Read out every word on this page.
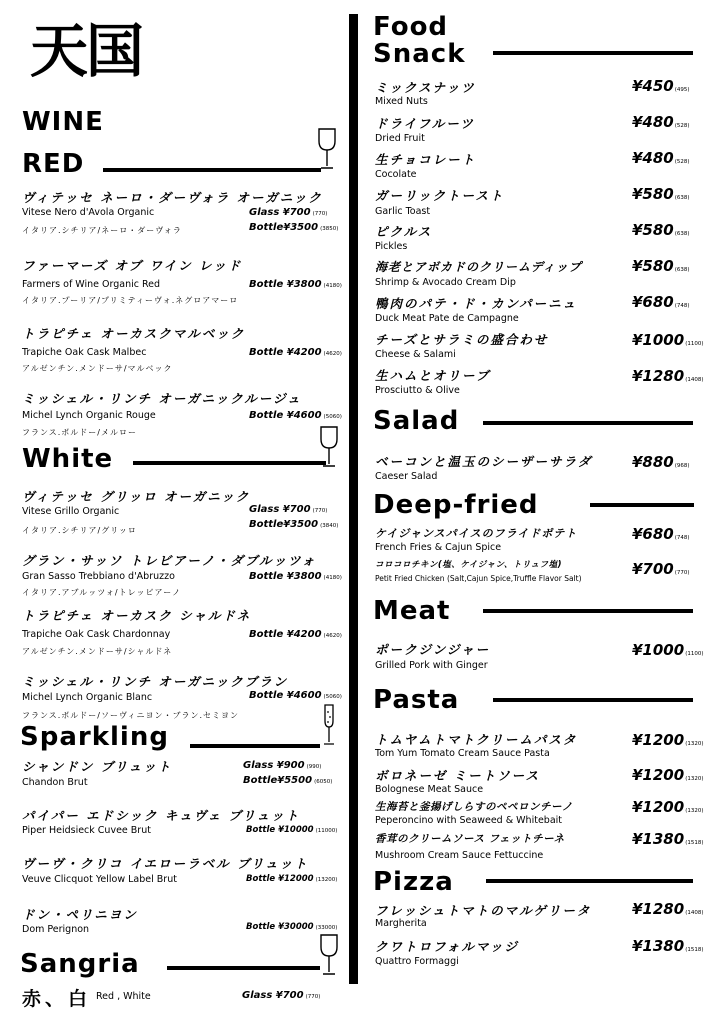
天国
WINE
RED
ヴィテッセ ネーロ・ダーヴォラ オーガニック
Vitese Nero d'Avola Organic
イタリア.シチリア/ネーロ・ダーヴォラ
Glass ¥700 (770)
Bottle¥3500 (3850)
ファーマーズ オブ ワイン レッド
Farmers of Wine Organic Red
イタリア.プーリア/プリミティーヴォ.ネグロアマーロ
Bottle ¥3800 (4180)
トラピチェ オーカスクマルベック
Trapiche Oak Cask Malbec
アルゼンチン.メンドーサ/マルベック
Bottle ¥4200 (4620)
ミッシェル・リンチ オーガニックルージュ
Michel Lynch Organic Rouge
フランス.ボルドー/メルロー
Bottle ¥4600 (5060)
White
ヴィテッセ グリッロ オーガニック
Vitese Grillo Organic
イタリア.シチリア/グリッロ
Glass ¥700 (770)
Bottle¥3500 (3840)
グラン・サッソ トレビアーノ・ダブルッツォ
Gran Sasso Trebbiano d'Abruzzo
イタリア.アブルッツォ/トレッビアーノ
Bottle ¥3800 (4180)
トラピチェ オーカスク シャルドネ
Trapiche Oak Cask Chardonnay
アルゼンチン.メンドーサ/シャルドネ
Bottle ¥4200 (4620)
ミッシェル・リンチ オーガニックブラン
Michel Lynch Organic Blanc
フランス.ボルドー/ソーヴィニヨン・ブラン.セミヨン
Bottle ¥4600 (5060)
Sparkling
シャンドン ブリュット
Chandon Brut
Glass ¥900 (990)
Bottle¥5500 (6050)
パイパー エドシック キュヴェ ブリュット
Piper Heidsieck Cuvee Brut	Bottle ¥10000 (11000)
ヴーヴ・クリコ イエローラベル ブリュット
Veuve Clicquot Yellow Label Brut	Bottle ¥12000 (13200)
ドン・ペリニヨン
Dom Perignon	Bottle ¥30000 (33000)
Sangria
赤、白 Red , White	Glass ¥700 (770)
Food
Snack
ミックスナッツ
Mixed Nuts
¥450(495)
ドライフルーツ
Dried Fruit
¥480(528)
生チョコレート
Cocolate
¥480(528)
ガーリックトースト
Garlic Toast
¥580(638)
ピクルス
Pickles
¥580(638)
海老とアボカドのクリームディップ
Shrimp & Avocado Cream Dip
¥580(638)
鴨肉のパテ・ド・カンパーニュ
Duck Meat Pate de Campagne
¥680(748)
チーズとサラミの盛合わせ
Cheese & Salami
¥1000(1100)
生ハムとオリーブ
Prosciutto & Olive
¥1280(1408)
Salad
ベーコンと温玉のシーザーサラダ
Caeser Salad
¥880(968)
Deep-fried
ケイジャンスパイスのフライドポテト
French Fries & Cajun Spice
¥680(748)
コロコロチキン(塩、ケイジャン、トリュフ塩)
Petit Fried Chicken (Salt,Cajun Spice,Truffle Flavor Salt)
¥700(770)
Meat
ポークジンジャー
Grilled Pork with Ginger
¥1000(1100)
Pasta
トムヤムトマトクリームパスタ
Tom Yum Tomato Cream Sauce Pasta
¥1200(1320)
ボロネーゼ ミートソース
Bolognese Meat Sauce
¥1200(1320)
生海苔と釜揚げしらすのペペロンチーノ
Peperoncino with Seaweed & Whitebait
¥1200(1320)
香茸のクリームソース フェットチーネ
Mushroom Cream Sauce Fettuccine
¥1380(1518)
Pizza
フレッシュトマトのマルゲリータ
Margherita
¥1280(1408)
クワトロフォルマッジ
Quattro Formaggi
¥1380(1518)
